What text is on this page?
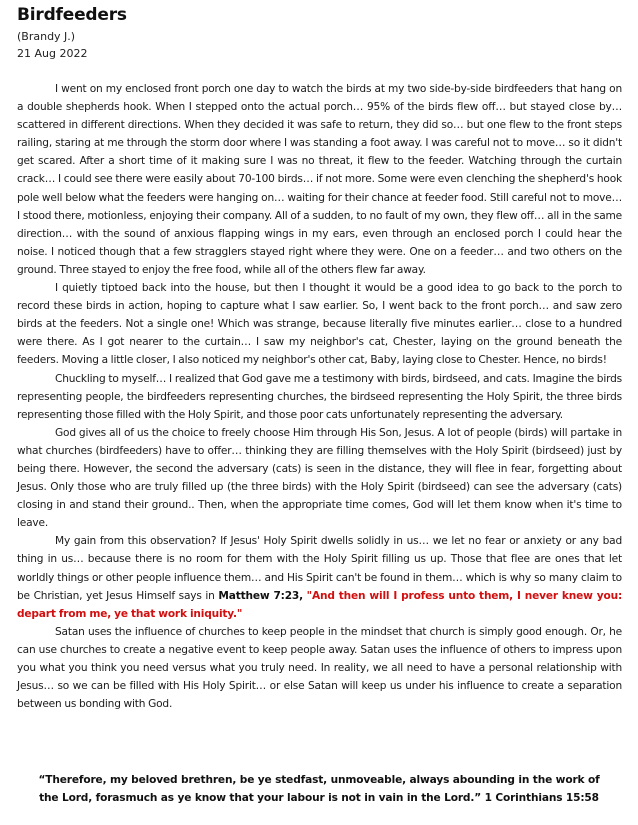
Birdfeeders
(Brandy J.)
21 Aug 2022

I went on my enclosed front porch one day to watch the birds at my two side-by-side birdfeeders that hang on a double shepherds hook. When I stepped onto the actual porch… 95% of the birds flew off… but stayed close by… scattered in different directions. When they decided it was safe to return, they did so… but one flew to the front steps railing, staring at me through the storm door where I was standing a foot away. I was careful not to move… so it didn't get scared. After a short time of it making sure I was no threat, it flew to the feeder. Watching through the curtain crack… I could see there were easily about 70-100 birds… if not more. Some were even clenching the shepherd's hook pole well below what the feeders were hanging on… waiting for their chance at feeder food. Still careful not to move… I stood there, motionless, enjoying their company. All of a sudden, to no fault of my own, they flew off… all in the same direction… with the sound of anxious flapping wings in my ears, even through an enclosed porch I could hear the noise. I noticed though that a few stragglers stayed right where they were. One on a feeder… and two others on the ground. Three stayed to enjoy the free food, while all of the others flew far away.

I quietly tiptoed back into the house, but then I thought it would be a good idea to go back to the porch to record these birds in action, hoping to capture what I saw earlier. So, I went back to the front porch… and saw zero birds at the feeders. Not a single one! Which was strange, because literally five minutes earlier… close to a hundred were there. As I got nearer to the curtain… I saw my neighbor's cat, Chester, laying on the ground beneath the feeders. Moving a little closer, I also noticed my neighbor's other cat, Baby, laying close to Chester. Hence, no birds!

Chuckling to myself… I realized that God gave me a testimony with birds, birdseed, and cats. Imagine the birds representing people, the birdfeeders representing churches, the birdseed representing the Holy Spirit, the three birds representing those filled with the Holy Spirit, and those poor cats unfortunately representing the adversary.

God gives all of us the choice to freely choose Him through His Son, Jesus. A lot of people (birds) will partake in what churches (birdfeeders) have to offer… thinking they are filling themselves with the Holy Spirit (birdseed) just by being there. However, the second the adversary (cats) is seen in the distance, they will flee in fear, forgetting about Jesus. Only those who are truly filled up (the three birds) with the Holy Spirit (birdseed) can see the adversary (cats) closing in and stand their ground.. Then, when the appropriate time comes, God will let them know when it's time to leave.

My gain from this observation? If Jesus' Holy Spirit dwells solidly in us… we let no fear or anxiety or any bad thing in us… because there is no room for them with the Holy Spirit filling us up. Those that flee are ones that let worldly things or other people influence them… and His Spirit can't be found in them… which is why so many claim to be Christian, yet Jesus Himself says in Matthew 7:23, "And then will I profess unto them, I never knew you: depart from me, ye that work iniquity."

Satan uses the influence of churches to keep people in the mindset that church is simply good enough. Or, he can use churches to create a negative event to keep people away. Satan uses the influence of others to impress upon you what you think you need versus what you truly need. In reality, we all need to have a personal relationship with Jesus… so we can be filled with His Holy Spirit… or else Satan will keep us under his influence to create a separation between us bonding with God.

“Therefore, my beloved brethren, be ye stedfast, unmoveable, always abounding in the work of the Lord, forasmuch as ye know that your labour is not in vain in the Lord.” 1 Corinthians 15:58
